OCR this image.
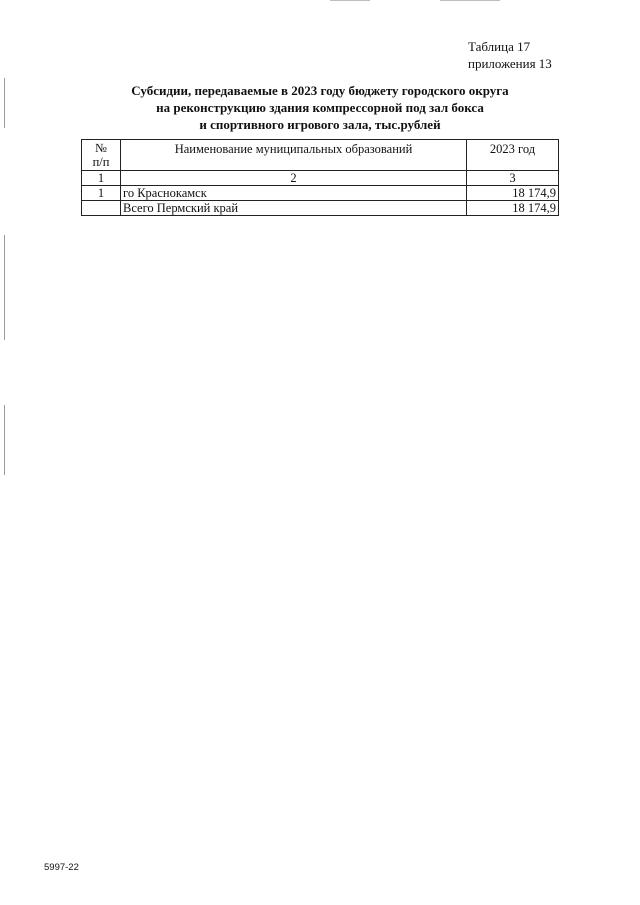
Таблица 17
приложения 13
Субсидии, передаваемые в 2023 году бюджету городского округа
на реконструкцию здания компрессорной под зал бокса
и спортивного игрового зала, тыс.рублей
№
п/п	Наименование муниципальных образований	2023 год
1	2	3
1	го Краснокамск	18 174,9
	Всего Пермский край	18 174,9
5997-22
